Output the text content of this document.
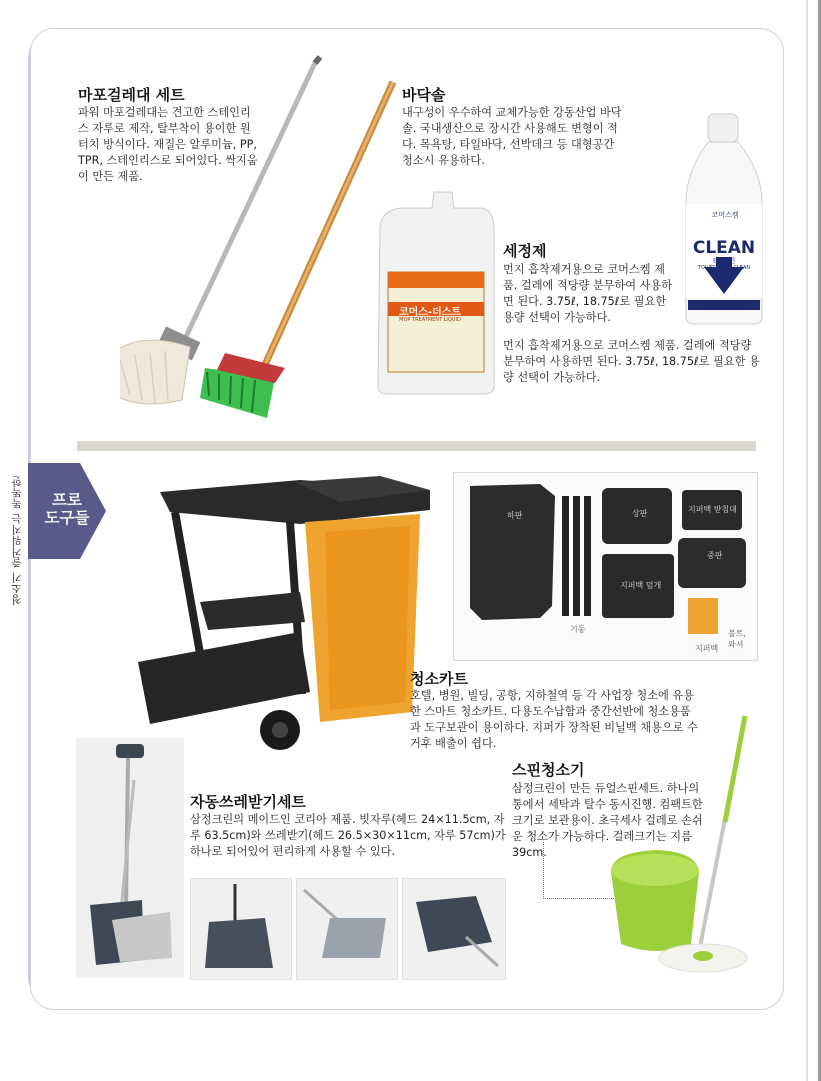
청소기 즐거워지는 똑똑한	프로
도구들
마포걸레대 세트
파워 마포걸레대는 견고한 스테인리스 자루로 제작, 탈부착이 용이한 원터치 방식이다. 재질은 알루미늄, PP, TPR, 스테인리스로 되어있다. 싹지움이 만든 제품.
바닥솔
내구성이 우수하여 교체가능한 강동산업 바닥솔. 국내생산으로 장시간 사용해도 변형이 적다. 목욕탕, 타일바닥, 선박데크 등 대형공간 청소시 유용하다.
코머스-더스트
MOP TREATMENT LIQUID
코머스켐
CLEAN
티-크린
TOILET BOWL CLEAN
세정제
먼지 흡착제거용으로 코머스켐 제품. 걸레에 적당량 분무하여 사용하면 된다. 3.75ℓ, 18.75ℓ로 필요한 용량 선택이 가능하다.
먼지 흡착제거용으로 코머스켐 제품. 걸레에 적당량 분무하여 사용하면 된다. 3.75ℓ, 18.75ℓ로 필요한 용량 선택이 가능하다.
하판	상판	지퍼백 받침대
기둥
지퍼백 덮개
중판
지퍼백
볼트, 와셔
청소카트
호텔, 병원, 빌딩, 공항, 지하철역 등 각 사업장 청소에 유용한 스마트 청소카트. 다용도수납함과 중간선반에 청소용품과 도구보관이 용이하다. 지퍼가 장착된 비닐백 채용으로 수거후 배출이 쉽다.
자동쓰레받기세트
삼정크린의 메이드인 코리아 제품. 빗자루(헤드 24×11.5cm, 자루 63.5cm)와 쓰레받기(헤드 26.5×30×11cm, 자루 57cm)가 하나로 되어있어 편리하게 사용할 수 있다.
스핀청소기
삼정크린이 만든 듀얼스핀세트. 하나의 통에서 세탁과 탈수 동시진행. 컴팩트한 크기로 보관용이. 초극세사 걸레로 손쉬운 청소가 가능하다. 걸레크기는 지름 39cm.
